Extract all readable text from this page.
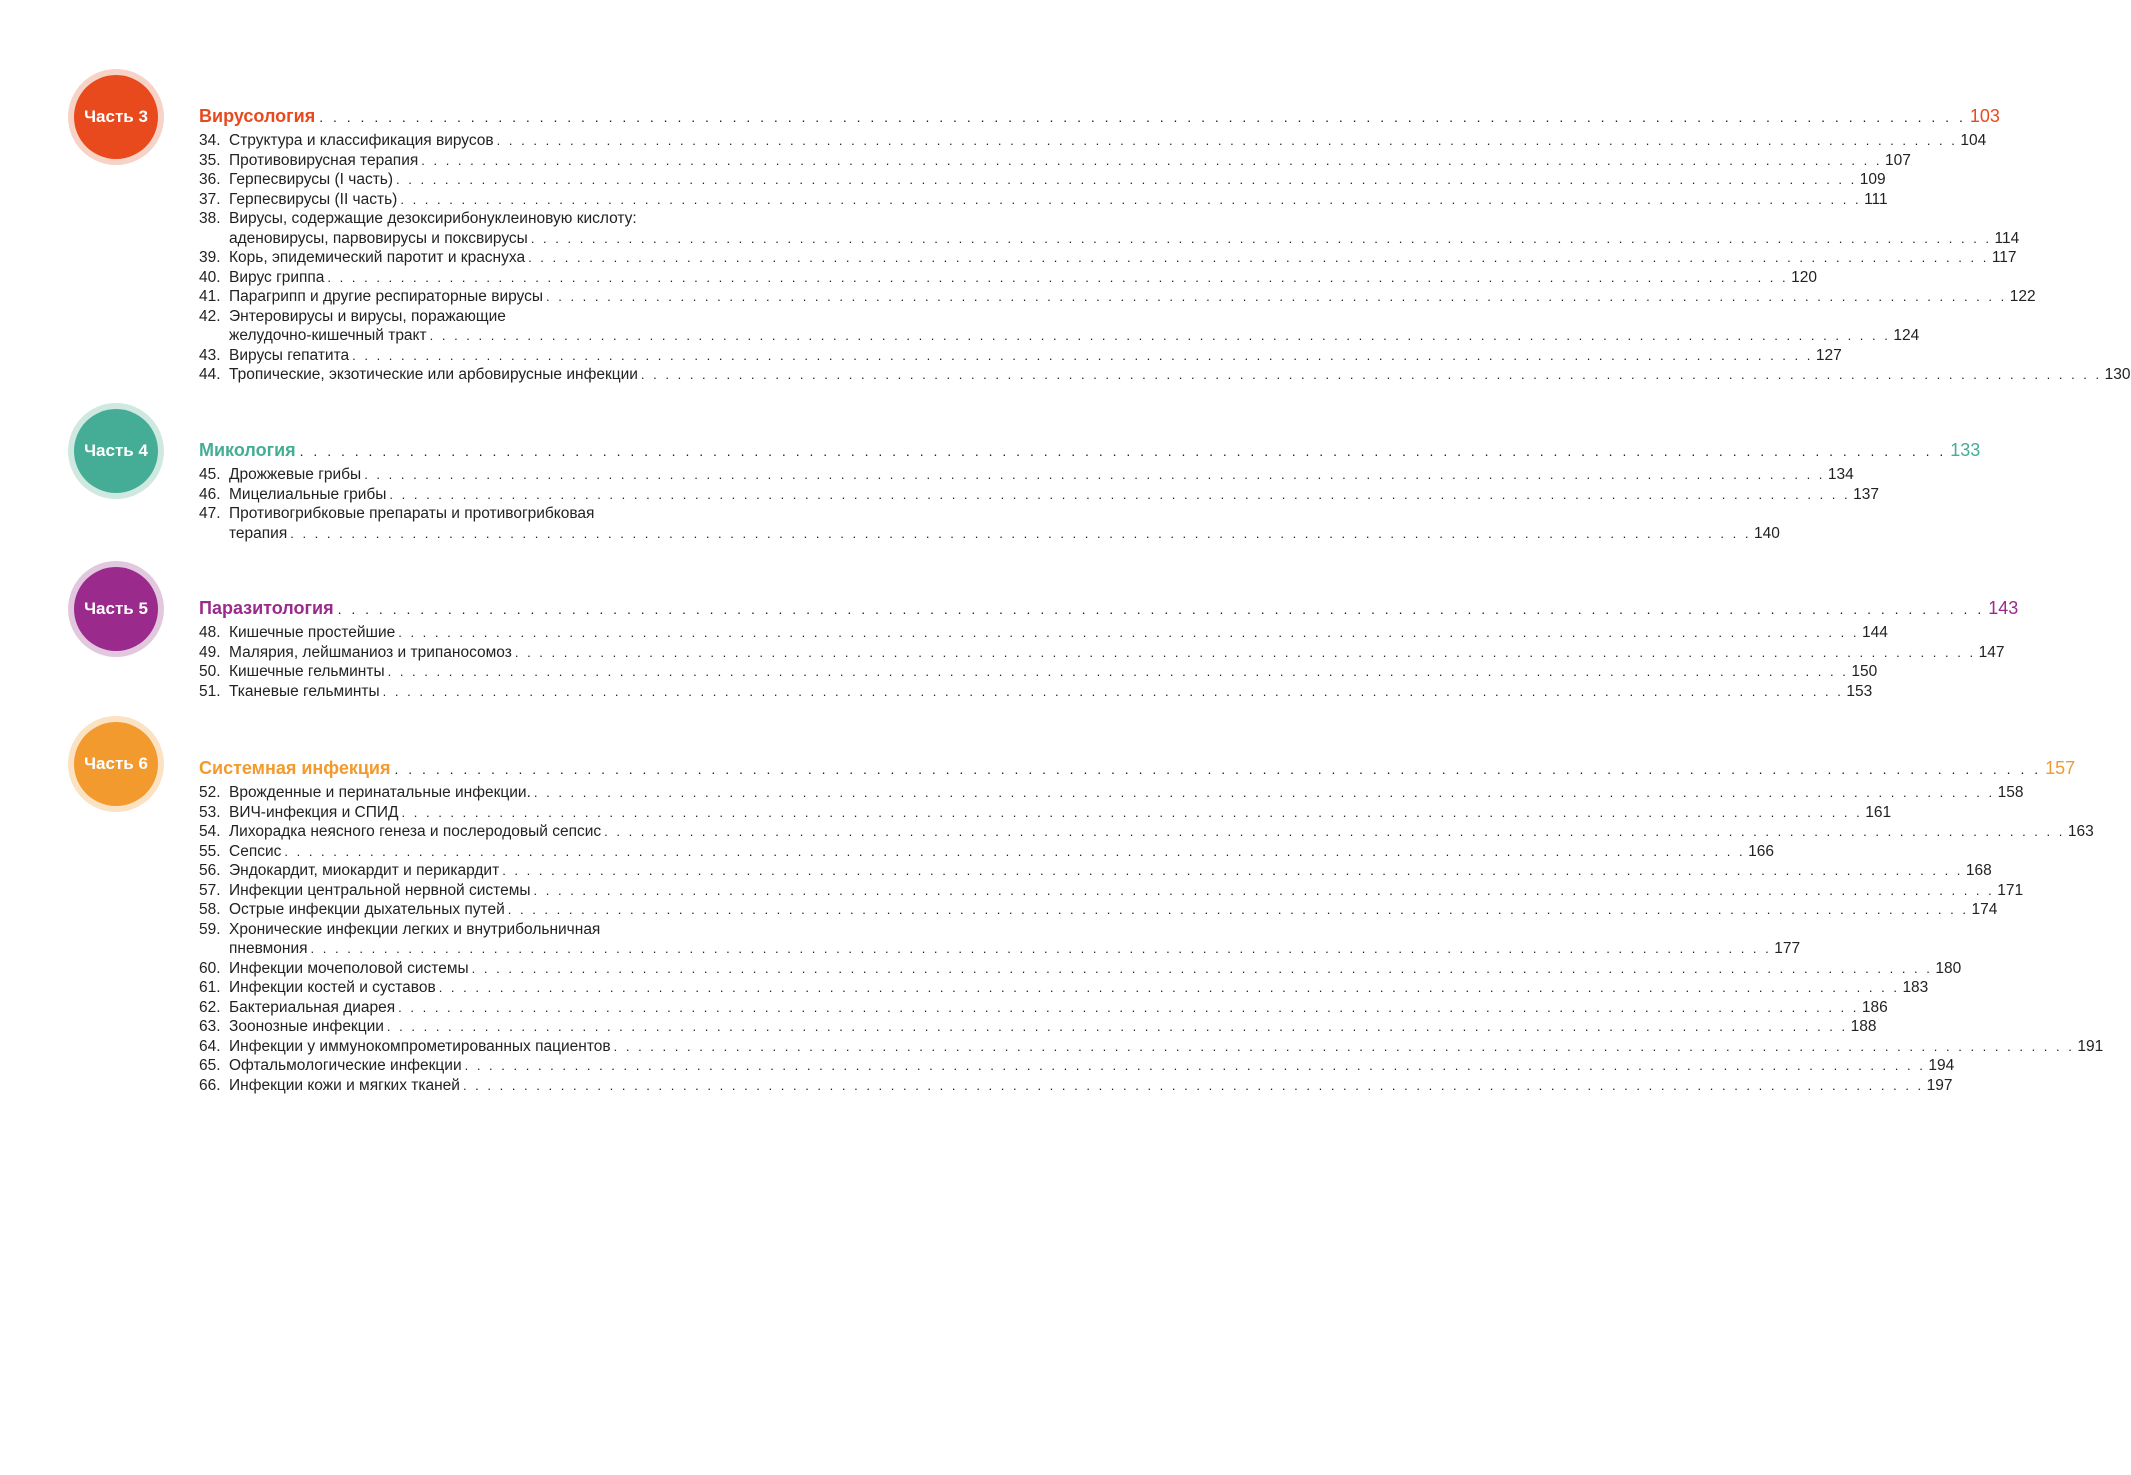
Часть 3	Вирусология . . . . . . . . . . . . . . . . . . . . . . . . . . . . . . . . . . . . . . . . . . . . . . . . . . . . . . . . . . . . . . . . . . . . . . . . . . . . . . . . . . . . . . . . . . . . . . . . . . . . . . . . . . . . . . . . . . . . . . . . 103
34. Структура и классификация вирусов . . . . . . . . . . . . . . . . . . . . . . . . . . . . . . . . . . . . . . . . . . . . . . . . . . . . . . . . . . . . . . . . . . . . . . . . . . . . . . . . . . . . . . . . . . . . . . . . . . . . . . . . . . . . . . . . . . . . . . . . 104
35. Противовирусная терапия . . . . . . . . . . . . . . . . . . . . . . . . . . . . . . . . . . . . . . . . . . . . . . . . . . . . . . . . . . . . . . . . . . . . . . . . . . . . . . . . . . . . . . . . . . . . . . . . . . . . . . . . . . . . . . . . . . . . . . . . 107
36. Герпесвирусы (I часть) . . . . . . . . . . . . . . . . . . . . . . . . . . . . . . . . . . . . . . . . . . . . . . . . . . . . . . . . . . . . . . . . . . . . . . . . . . . . . . . . . . . . . . . . . . . . . . . . . . . . . . . . . . . . . . . . . . . . . . . . 109
37. Герпесвирусы (II часть) . . . . . . . . . . . . . . . . . . . . . . . . . . . . . . . . . . . . . . . . . . . . . . . . . . . . . . . . . . . . . . . . . . . . . . . . . . . . . . . . . . . . . . . . . . . . . . . . . . . . . . . . . . . . . . . . . . . . . . . . 111
38. Вирусы, содержащие дезоксирибонуклеиновую кислоту:
аденовирусы, парвовирусы и поксвирусы . . . . . . . . . . . . . . . . . . . . . . . . . . . . . . . . . . . . . . . . . . . . . . . . . . . . . . . . . . . . . . . . . . . . . . . . . . . . . . . . . . . . . . . . . . . . . . . . . . . . . . . . . . . . . . . . . . . . . . . . 114
39. Корь, эпидемический паротит и краснуха . . . . . . . . . . . . . . . . . . . . . . . . . . . . . . . . . . . . . . . . . . . . . . . . . . . . . . . . . . . . . . . . . . . . . . . . . . . . . . . . . . . . . . . . . . . . . . . . . . . . . . . . . . . . . . . . . . . . . . . . 117
40. Вирус гриппа . . . . . . . . . . . . . . . . . . . . . . . . . . . . . . . . . . . . . . . . . . . . . . . . . . . . . . . . . . . . . . . . . . . . . . . . . . . . . . . . . . . . . . . . . . . . . . . . . . . . . . . . . . . . . . . . . . . . . . . . 120
41. Парагрипп и другие респираторные вирусы . . . . . . . . . . . . . . . . . . . . . . . . . . . . . . . . . . . . . . . . . . . . . . . . . . . . . . . . . . . . . . . . . . . . . . . . . . . . . . . . . . . . . . . . . . . . . . . . . . . . . . . . . . . . . . . . . . . . . . . . 122
42. Энтеровирусы и вирусы, поражающие
желудочно-кишечный тракт . . . . . . . . . . . . . . . . . . . . . . . . . . . . . . . . . . . . . . . . . . . . . . . . . . . . . . . . . . . . . . . . . . . . . . . . . . . . . . . . . . . . . . . . . . . . . . . . . . . . . . . . . . . . . . . . . . . . . . . . 124
43. Вирусы гепатита . . . . . . . . . . . . . . . . . . . . . . . . . . . . . . . . . . . . . . . . . . . . . . . . . . . . . . . . . . . . . . . . . . . . . . . . . . . . . . . . . . . . . . . . . . . . . . . . . . . . . . . . . . . . . . . . . . . . . . . . 127
44. Тропические, экзотические или арбовирусные инфекции . . . . . . . . . . . . . . . . . . . . . . . . . . . . . . . . . . . . . . . . . . . . . . . . . . . . . . . . . . . . . . . . . . . . . . . . . . . . . . . . . . . . . . . . . . . . . . . . . . . . . . . . . . . . . . . . . . . . . . . . 130
Часть 4	Микология . . . . . . . . . . . . . . . . . . . . . . . . . . . . . . . . . . . . . . . . . . . . . . . . . . . . . . . . . . . . . . . . . . . . . . . . . . . . . . . . . . . . . . . . . . . . . . . . . . . . . . . . . . . . . . . . . . . . . . . . 133
45. Дрожжевые грибы . . . . . . . . . . . . . . . . . . . . . . . . . . . . . . . . . . . . . . . . . . . . . . . . . . . . . . . . . . . . . . . . . . . . . . . . . . . . . . . . . . . . . . . . . . . . . . . . . . . . . . . . . . . . . . . . . . . . . . . . 134
46. Мицелиальные грибы . . . . . . . . . . . . . . . . . . . . . . . . . . . . . . . . . . . . . . . . . . . . . . . . . . . . . . . . . . . . . . . . . . . . . . . . . . . . . . . . . . . . . . . . . . . . . . . . . . . . . . . . . . . . . . . . . . . . . . . . 137
47. Противогрибковые препараты и противогрибковая
терапия . . . . . . . . . . . . . . . . . . . . . . . . . . . . . . . . . . . . . . . . . . . . . . . . . . . . . . . . . . . . . . . . . . . . . . . . . . . . . . . . . . . . . . . . . . . . . . . . . . . . . . . . . . . . . . . . . . . . . . . . 140
Часть 5	Паразитология . . . . . . . . . . . . . . . . . . . . . . . . . . . . . . . . . . . . . . . . . . . . . . . . . . . . . . . . . . . . . . . . . . . . . . . . . . . . . . . . . . . . . . . . . . . . . . . . . . . . . . . . . . . . . . . . . . . . . . . . 143
48. Кишечные простейшие . . . . . . . . . . . . . . . . . . . . . . . . . . . . . . . . . . . . . . . . . . . . . . . . . . . . . . . . . . . . . . . . . . . . . . . . . . . . . . . . . . . . . . . . . . . . . . . . . . . . . . . . . . . . . . . . . . . . . . . . 144
49. Малярия, лейшманиоз и трипаносомоз . . . . . . . . . . . . . . . . . . . . . . . . . . . . . . . . . . . . . . . . . . . . . . . . . . . . . . . . . . . . . . . . . . . . . . . . . . . . . . . . . . . . . . . . . . . . . . . . . . . . . . . . . . . . . . . . . . . . . . . . 147
50. Кишечные гельминты . . . . . . . . . . . . . . . . . . . . . . . . . . . . . . . . . . . . . . . . . . . . . . . . . . . . . . . . . . . . . . . . . . . . . . . . . . . . . . . . . . . . . . . . . . . . . . . . . . . . . . . . . . . . . . . . . . . . . . . . 150
51. Тканевые гельминты . . . . . . . . . . . . . . . . . . . . . . . . . . . . . . . . . . . . . . . . . . . . . . . . . . . . . . . . . . . . . . . . . . . . . . . . . . . . . . . . . . . . . . . . . . . . . . . . . . . . . . . . . . . . . . . . . . . . . . . . 153
Часть 6	Системная инфекция . . . . . . . . . . . . . . . . . . . . . . . . . . . . . . . . . . . . . . . . . . . . . . . . . . . . . . . . . . . . . . . . . . . . . . . . . . . . . . . . . . . . . . . . . . . . . . . . . . . . . . . . . . . . . . . . . . . . . . . . 157
52. Врожденные и перинатальные инфекции. . . . . . . . . . . . . . . . . . . . . . . . . . . . . . . . . . . . . . . . . . . . . . . . . . . . . . . . . . . . . . . . . . . . . . . . . . . . . . . . . . . . . . . . . . . . . . . . . . . . . . . . . . . . . . . . . . . . . . . . . 158
53. ВИЧ-инфекция и СПИД . . . . . . . . . . . . . . . . . . . . . . . . . . . . . . . . . . . . . . . . . . . . . . . . . . . . . . . . . . . . . . . . . . . . . . . . . . . . . . . . . . . . . . . . . . . . . . . . . . . . . . . . . . . . . . . . . . . . . . . . 161
54. Лихорадка неясного генеза и послеродовый сепсис . . . . . . . . . . . . . . . . . . . . . . . . . . . . . . . . . . . . . . . . . . . . . . . . . . . . . . . . . . . . . . . . . . . . . . . . . . . . . . . . . . . . . . . . . . . . . . . . . . . . . . . . . . . . . . . . . . . . . . . . 163
55. Сепсис . . . . . . . . . . . . . . . . . . . . . . . . . . . . . . . . . . . . . . . . . . . . . . . . . . . . . . . . . . . . . . . . . . . . . . . . . . . . . . . . . . . . . . . . . . . . . . . . . . . . . . . . . . . . . . . . . . . . . . . . 166
56. Эндокардит, миокардит и перикардит . . . . . . . . . . . . . . . . . . . . . . . . . . . . . . . . . . . . . . . . . . . . . . . . . . . . . . . . . . . . . . . . . . . . . . . . . . . . . . . . . . . . . . . . . . . . . . . . . . . . . . . . . . . . . . . . . . . . . . . . 168
57. Инфекции центральной нервной системы . . . . . . . . . . . . . . . . . . . . . . . . . . . . . . . . . . . . . . . . . . . . . . . . . . . . . . . . . . . . . . . . . . . . . . . . . . . . . . . . . . . . . . . . . . . . . . . . . . . . . . . . . . . . . . . . . . . . . . . . 171
58. Острые инфекции дыхательных путей . . . . . . . . . . . . . . . . . . . . . . . . . . . . . . . . . . . . . . . . . . . . . . . . . . . . . . . . . . . . . . . . . . . . . . . . . . . . . . . . . . . . . . . . . . . . . . . . . . . . . . . . . . . . . . . . . . . . . . . . 174
59. Хронические инфекции легких и внутрибольничная
пневмония . . . . . . . . . . . . . . . . . . . . . . . . . . . . . . . . . . . . . . . . . . . . . . . . . . . . . . . . . . . . . . . . . . . . . . . . . . . . . . . . . . . . . . . . . . . . . . . . . . . . . . . . . . . . . . . . . . . . . . . . 177
60. Инфекции мочеполовой системы . . . . . . . . . . . . . . . . . . . . . . . . . . . . . . . . . . . . . . . . . . . . . . . . . . . . . . . . . . . . . . . . . . . . . . . . . . . . . . . . . . . . . . . . . . . . . . . . . . . . . . . . . . . . . . . . . . . . . . . . 180
61. Инфекции костей и суставов . . . . . . . . . . . . . . . . . . . . . . . . . . . . . . . . . . . . . . . . . . . . . . . . . . . . . . . . . . . . . . . . . . . . . . . . . . . . . . . . . . . . . . . . . . . . . . . . . . . . . . . . . . . . . . . . . . . . . . . . 183
62. Бактериальная диарея . . . . . . . . . . . . . . . . . . . . . . . . . . . . . . . . . . . . . . . . . . . . . . . . . . . . . . . . . . . . . . . . . . . . . . . . . . . . . . . . . . . . . . . . . . . . . . . . . . . . . . . . . . . . . . . . . . . . . . . . 186
63. Зоонозные инфекции . . . . . . . . . . . . . . . . . . . . . . . . . . . . . . . . . . . . . . . . . . . . . . . . . . . . . . . . . . . . . . . . . . . . . . . . . . . . . . . . . . . . . . . . . . . . . . . . . . . . . . . . . . . . . . . . . . . . . . . . 188
64. Инфекции у иммунокомпрометированных пациентов . . . . . . . . . . . . . . . . . . . . . . . . . . . . . . . . . . . . . . . . . . . . . . . . . . . . . . . . . . . . . . . . . . . . . . . . . . . . . . . . . . . . . . . . . . . . . . . . . . . . . . . . . . . . . . . . . . . . . . . . 191
65. Офтальмологические инфекции . . . . . . . . . . . . . . . . . . . . . . . . . . . . . . . . . . . . . . . . . . . . . . . . . . . . . . . . . . . . . . . . . . . . . . . . . . . . . . . . . . . . . . . . . . . . . . . . . . . . . . . . . . . . . . . . . . . . . . . . 194
66. Инфекции кожи и мягких тканей . . . . . . . . . . . . . . . . . . . . . . . . . . . . . . . . . . . . . . . . . . . . . . . . . . . . . . . . . . . . . . . . . . . . . . . . . . . . . . . . . . . . . . . . . . . . . . . . . . . . . . . . . . . . . . . . . . . . . . . . 197
